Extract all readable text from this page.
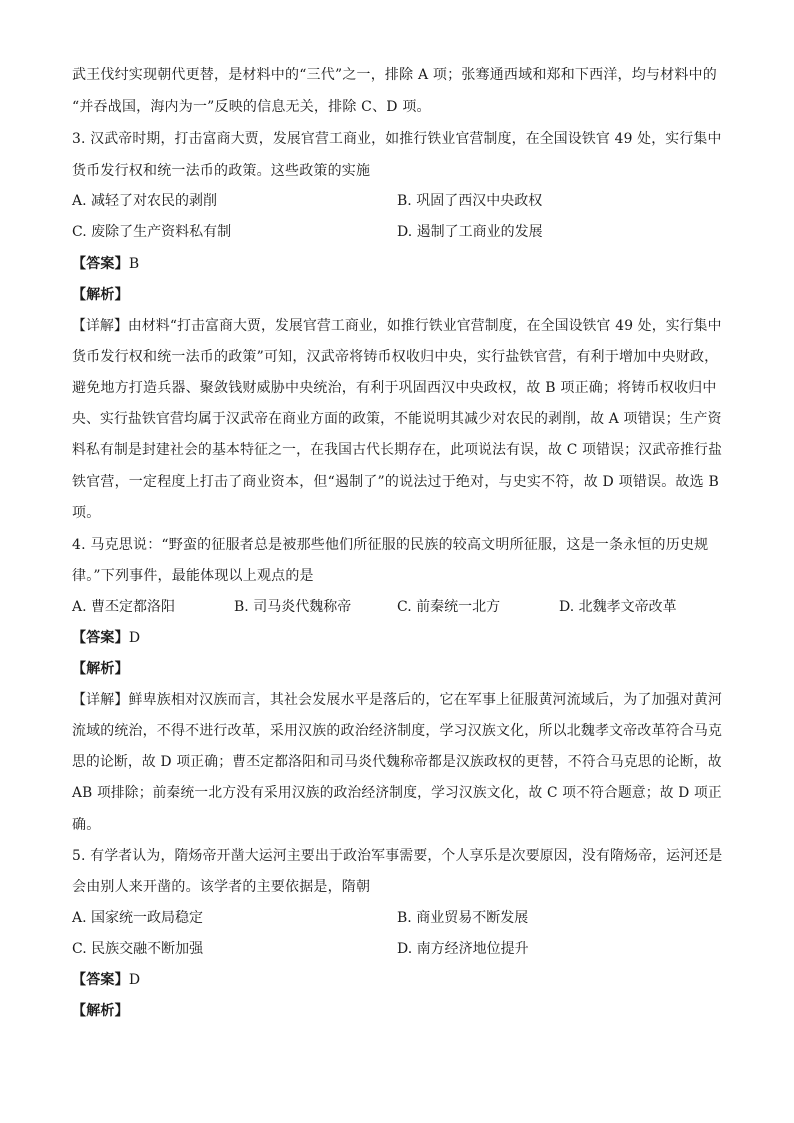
武王伐纣实现朝代更替，是材料中的“三代”之一，排除 A 项；张骞通西域和郑和下西洋，均与材料中的
“并吞战国，海内为一”反映的信息无关，排除 C、D 项。
3. 汉武帝时期，打击富商大贾，发展官营工商业，如推行铁业官营制度，在全国设铁官 49 处，实行集中
货币发行权和统一法币的政策。这些政策的实施
A. 减轻了对农民的剥削	B. 巩固了西汉中央政权
C. 废除了生产资料私有制	D. 遏制了工商业的发展
【答案】B
【解析】
【详解】由材料“打击富商大贾，发展官营工商业，如推行铁业官营制度，在全国设铁官 49 处，实行集中
货币发行权和统一法币的政策”可知，汉武帝将铸币权收归中央，实行盐铁官营，有利于增加中央财政，
避免地方打造兵器、聚敛钱财威胁中央统治，有利于巩固西汉中央政权，故 B 项正确；将铸币权收归中
央、实行盐铁官营均属于汉武帝在商业方面的政策，不能说明其减少对农民的剥削，故 A 项错误；生产资
料私有制是封建社会的基本特征之一，在我国古代长期存在，此项说法有误，故 C 项错误；汉武帝推行盐
铁官营，一定程度上打击了商业资本，但“遏制了”的说法过于绝对，与史实不符，故 D 项错误。故选 B
项。
4. 马克思说：“野蛮的征服者总是被那些他们所征服的民族的较高文明所征服，这是一条永恒的历史规
律。”下列事件，最能体现以上观点的是
A. 曹丕定都洛阳	B. 司马炎代魏称帝	C. 前秦统一北方	D. 北魏孝文帝改革
【答案】D
【解析】
【详解】鲜卑族相对汉族而言，其社会发展水平是落后的，它在军事上征服黄河流域后，为了加强对黄河
流域的统治，不得不进行改革，采用汉族的政治经济制度，学习汉族文化，所以北魏孝文帝改革符合马克
思的论断，故 D 项正确；曹丕定都洛阳和司马炎代魏称帝都是汉族政权的更替，不符合马克思的论断，故
AB 项排除；前秦统一北方没有采用汉族的政治经济制度，学习汉族文化，故 C 项不符合题意；故 D 项正
确。
5. 有学者认为，隋炀帝开凿大运河主要出于政治军事需要，个人享乐是次要原因，没有隋炀帝，运河还是
会由别人来开凿的。该学者的主要依据是，隋朝
A. 国家统一政局稳定	B. 商业贸易不断发展
C. 民族交融不断加强	D. 南方经济地位提升
【答案】D
【解析】
